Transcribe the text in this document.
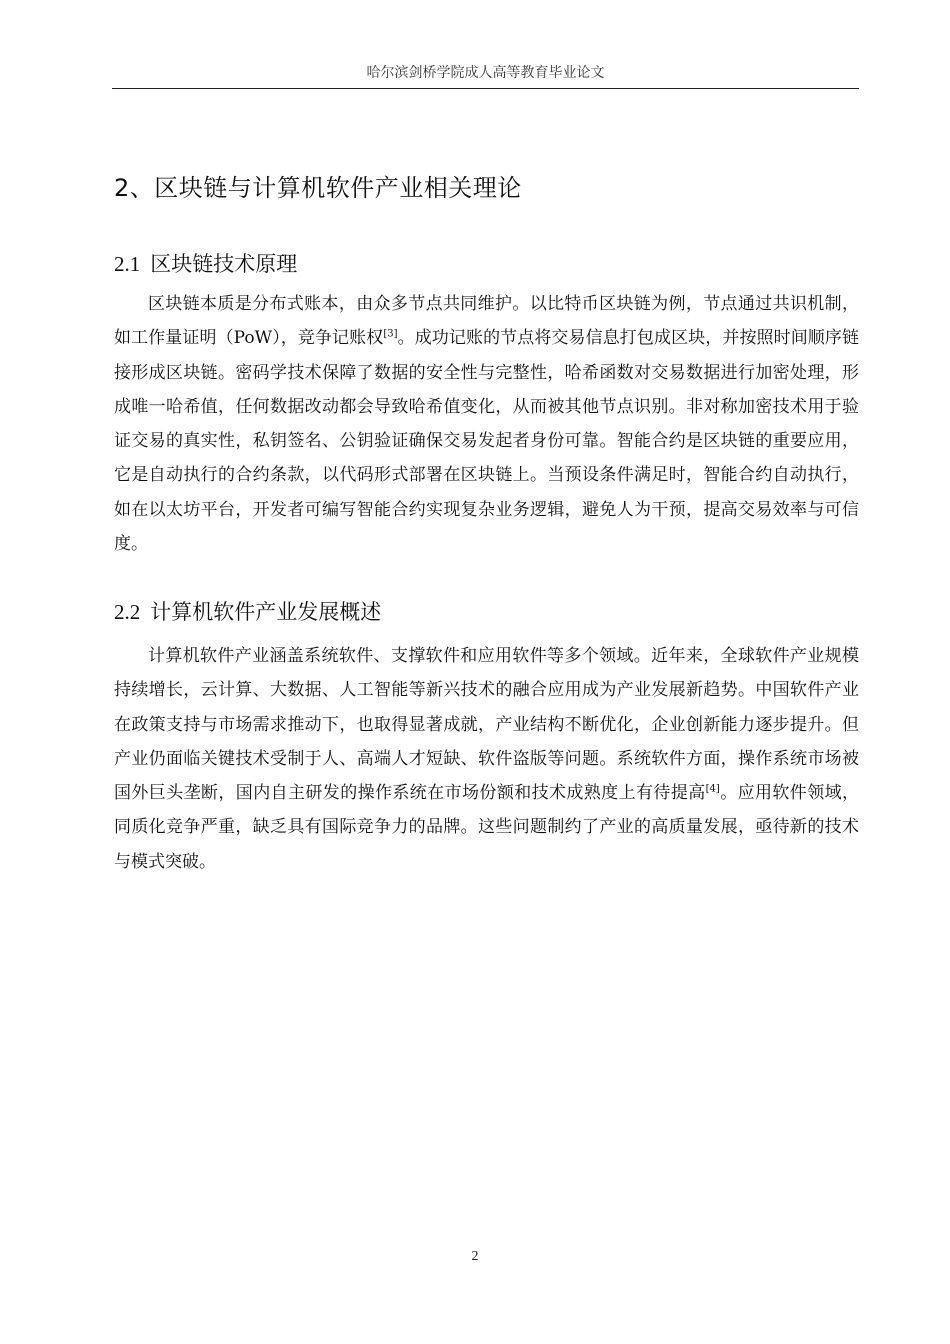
哈尔滨剑桥学院成人高等教育毕业论文
2、区块链与计算机软件产业相关理论
2.1 区块链技术原理

区块链本质是分布式账本，由众多节点共同维护。以比特币区块链为例，节点通过共识机制，如工作量证明（PoW），竞争记账权[3]。成功记账的节点将交易信息打包成区块，并按照时间顺序链接形成区块链。密码学技术保障了数据的安全性与完整性，哈希函数对交易数据进行加密处理，形成唯一哈希值，任何数据改动都会导致哈希值变化，从而被其他节点识别。非对称加密技术用于验证交易的真实性，私钥签名、公钥验证确保交易发起者身份可靠。智能合约是区块链的重要应用，它是自动执行的合约条款，以代码形式部署在区块链上。当预设条件满足时，智能合约自动执行，如在以太坊平台，开发者可编写智能合约实现复杂业务逻辑，避免人为干预，提高交易效率与可信度。

2.2 计算机软件产业发展概述

计算机软件产业涵盖系统软件、支撑软件和应用软件等多个领域。近年来，全球软件产业规模持续增长，云计算、大数据、人工智能等新兴技术的融合应用成为产业发展新趋势。中国软件产业在政策支持与市场需求推动下，也取得显著成就，产业结构不断优化，企业创新能力逐步提升。但产业仍面临关键技术受制于人、高端人才短缺、软件盗版等问题。系统软件方面，操作系统市场被国外巨头垄断，国内自主研发的操作系统在市场份额和技术成熟度上有待提高[4]。应用软件领域，同质化竞争严重，缺乏具有国际竞争力的品牌。这些问题制约了产业的高质量发展，亟待新的技术与模式突破。

2
